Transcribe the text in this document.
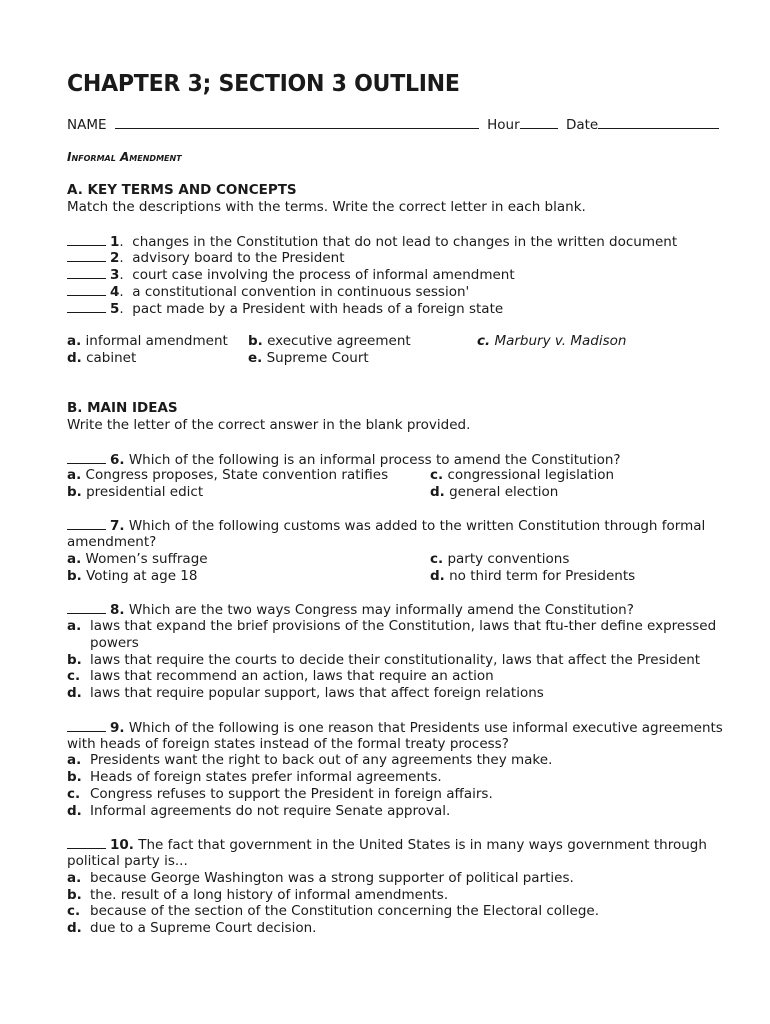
CHAPTER 3; SECTION 3 OUTLINE
NAME	Hour	Date
Informal Amendment
A. KEY TERMS AND CONCEPTS
Match the descriptions with the terms. Write the correct letter in each blank.
1.  changes in the Constitution that do not lead to changes in the written document
2.  advisory board to the President
3.  court case involving the process of informal amendment
4.  a constitutional convention in continuous session'
5.  pact made by a President with heads of a foreign state
a. informal amendment b. executive agreement	c. Marbury v. Madison
d. cabinet	e. Supreme Court
B. MAIN IDEAS
Write the letter of the correct answer in the blank provided.
6. Which of the following is an informal process to amend the Constitution?
a. Congress proposes, State convention ratifies	c. congressional legislation
b. presidential edict	d. general election
7. Which of the following customs was added to the written Constitution through formal
amendment?
a. Women’s suffrage	c. party conventions
b. Voting at age 18	d. no third term for Presidents
8. Which are the two ways Congress may informally amend the Constitution?
a. laws that expand the brief provisions of the Constitution, laws that ftu-ther define expressed
powers
b. laws that require the courts to decide their constitutionality, laws that affect the President
c. laws that recommend an action, laws that require an action
d. laws that require popular support, laws that affect foreign relations
9. Which of the following is one reason that Presidents use informal executive agreements
with heads of foreign states instead of the formal treaty process?
a. Presidents want the right to back out of any agreements they make.
b. Heads of foreign states prefer informal agreements.
c. Congress refuses to support the President in foreign affairs.
d. Informal agreements do not require Senate approval.
10. The fact that government in the United States is in many ways government through
political party is...
a. because George Washington was a strong supporter of political parties.
b. the. result of a long history of informal amendments.
c. because of the section of the Constitution concerning the Electoral college.
d. due to a Supreme Court decision.
